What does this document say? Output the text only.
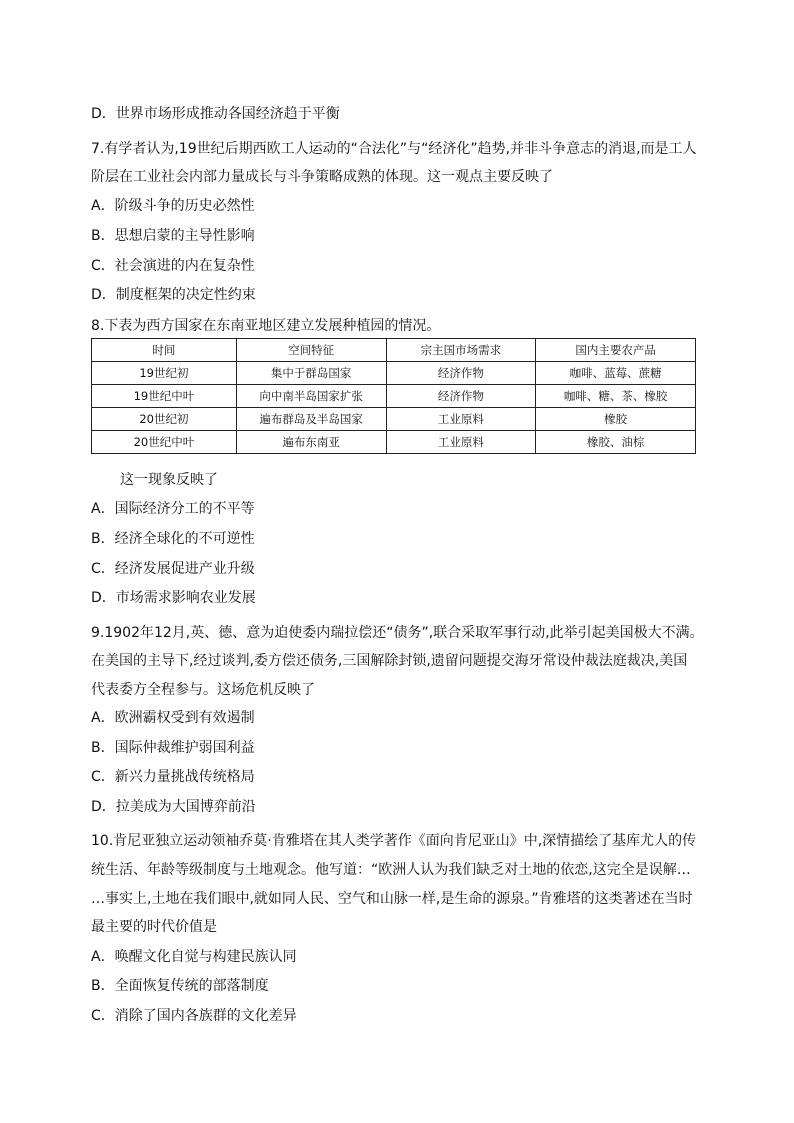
D．世界市场形成推动各国经济趋于平衡
7.有学者认为,19世纪后期西欧工人运动的“合法化”与“经济化”趋势,并非斗争意志的消退,而是工人
阶层在工业社会内部力量成长与斗争策略成熟的体现。这一观点主要反映了
A．阶级斗争的历史必然性
B．思想启蒙的主导性影响
C．社会演进的内在复杂性
D．制度框架的决定性约束
8.下表为西方国家在东南亚地区建立发展种植园的情况。
时间	空间特征	宗主国市场需求	国内主要农产品
19世纪初	集中于群岛国家	经济作物	咖啡、蓝莓、蔗糖
19世纪中叶	向中南半岛国家扩张	经济作物	咖啡、糖、茶、橡胶
20世纪初	遍布群岛及半岛国家	工业原料	橡胶
20世纪中叶	遍布东南亚	工业原料	橡胶、油棕
这一现象反映了
A．国际经济分工的不平等
B．经济全球化的不可逆性
C．经济发展促进产业升级
D．市场需求影响农业发展
9.1902年12月,英、德、意为迫使委内瑞拉偿还“债务”,联合采取军事行动,此举引起美国极大不满。
在美国的主导下,经过谈判,委方偿还债务,三国解除封锁,遗留问题提交海牙常设仲裁法庭裁决,美国
代表委方全程参与。这场危机反映了
A．欧洲霸权受到有效遏制
B．国际仲裁维护弱国利益
C．新兴力量挑战传统格局
D．拉美成为大国博弈前沿
10.肯尼亚独立运动领袖乔莫·肯雅塔在其人类学著作《面向肯尼亚山》中,深情描绘了基库尤人的传
统生活、年龄等级制度与土地观念。他写道：“欧洲人认为我们缺乏对土地的依恋,这完全是误解…
…事实上,土地在我们眼中,就如同人民、空气和山脉一样,是生命的源泉。”肯雅塔的这类著述在当时
最主要的时代价值是
A．唤醒文化自觉与构建民族认同
B．全面恢复传统的部落制度
C．消除了国内各族群的文化差异
